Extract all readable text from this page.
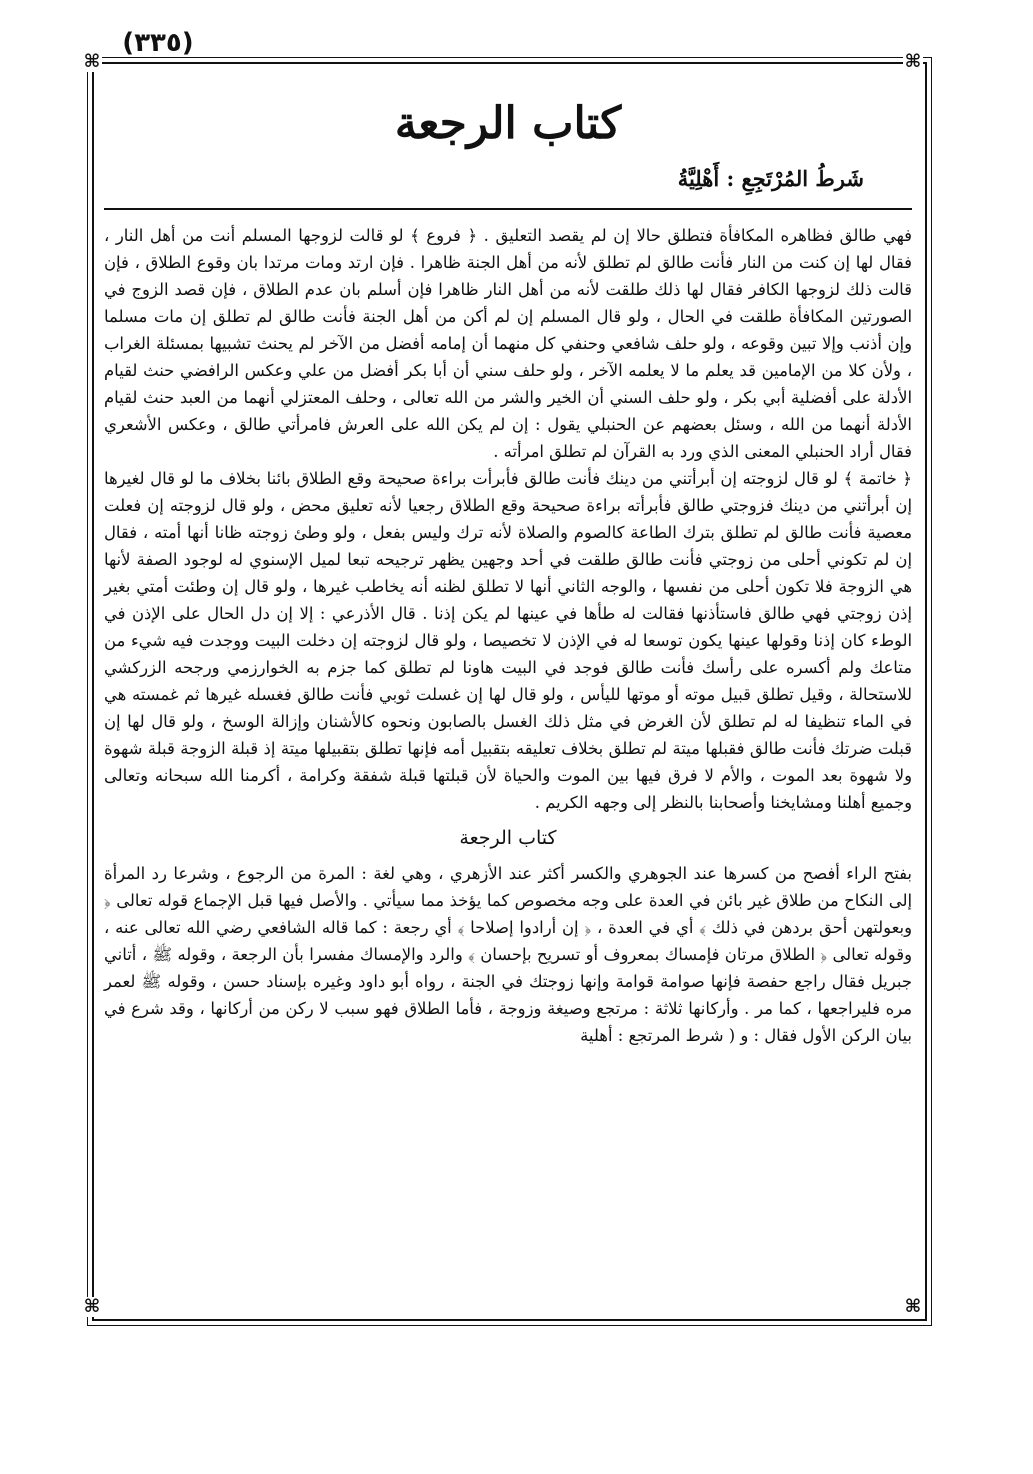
(٣٣٥)
⌘	⌘
⌘	⌘
كتاب الرجعة
شَرطُ المُرْتَجِعِ : أَهْلِيَّةُ

فهي طالق فظاهره المكافأة فتطلق حالا إن لم يقصد التعليق . ﴿ فروع ﴾ لو قالت لزوجها المسلم أنت من أهل النار ، فقال لها إن كنت من النار فأنت طالق لم تطلق لأنه من أهل الجنة ظاهرا . فإن ارتد ومات مرتدا بان وقوع الطلاق ، فإن قالت ذلك لزوجها الكافر فقال لها ذلك طلقت لأنه من أهل النار ظاهرا فإن أسلم بان عدم الطلاق ، فإن قصد الزوج في الصورتين المكافأة طلقت في الحال ، ولو قال المسلم إن لم أكن من أهل الجنة فأنت طالق لم تطلق إن مات مسلما وإن أذنب وإلا تبين وقوعه ، ولو حلف شافعي وحنفي كل منهما أن إمامه أفضل من الآخر لم يحنث تشبيها بمسئلة الغراب ، ولأن كلا من الإمامين قد يعلم ما لا يعلمه الآخر ، ولو حلف سني أن أبا بكر أفضل من علي وعكس الرافضي حنث لقيام الأدلة على أفضلية أبي بكر ، ولو حلف السني أن الخير والشر من الله تعالى ، وحلف المعتزلي أنهما من العبد حنث لقيام الأدلة أنهما من الله ، وسئل بعضهم عن الحنبلي يقول : إن لم يكن الله على العرش فامرأتي طالق ، وعكس الأشعري فقال أراد الحنبلي المعنى الذي ورد به القرآن لم تطلق امرأته .

﴿ خاتمة ﴾ لو قال لزوجته إن أبرأتني من دينك فأنت طالق فأبرأت براءة صحيحة وقع الطلاق بائنا بخلاف ما لو قال لغيرها إن أبرأتني من دينك فزوجتي طالق فأبرأته براءة صحيحة وقع الطلاق رجعيا لأنه تعليق محض ، ولو قال لزوجته إن فعلت معصية فأنت طالق لم تطلق بترك الطاعة كالصوم والصلاة لأنه ترك وليس بفعل ، ولو وطئ زوجته ظانا أنها أمته ، فقال إن لم تكوني أحلى من زوجتي فأنت طالق طلقت في أحد وجهين يظهر ترجيحه تبعا لميل الإسنوي له لوجود الصفة لأنها هي الزوجة فلا تكون أحلى من نفسها ، والوجه الثاني أنها لا تطلق لظنه أنه يخاطب غيرها ، ولو قال إن وطئت أمتي بغير إذن زوجتي فهي طالق فاستأذنها فقالت له طأها في عينها لم يكن إذنا . قال الأذرعي : إلا إن دل الحال على الإذن في الوطء كان إذنا وقولها عينها يكون توسعا له في الإذن لا تخصيصا ، ولو قال لزوجته إن دخلت البيت ووجدت فيه شيء من متاعك ولم أكسره على رأسك فأنت طالق فوجد في البيت هاونا لم تطلق كما جزم به الخوارزمي ورجحه الزركشي للاستحالة ، وقيل تطلق قبيل موته أو موتها لليأس ، ولو قال لها إن غسلت ثوبي فأنت طالق فغسله غيرها ثم غمسته هي في الماء تنظيفا له لم تطلق لأن الغرض في مثل ذلك الغسل بالصابون ونحوه كالأشنان وإزالة الوسخ ، ولو قال لها إن قبلت ضرتك فأنت طالق فقبلها ميتة لم تطلق بخلاف تعليقه بتقبيل أمه فإنها تطلق بتقبيلها ميتة إذ قبلة الزوجة قبلة شهوة ولا شهوة بعد الموت ، والأم لا فرق فيها بين الموت والحياة لأن قبلتها قبلة شفقة وكرامة ، أكرمنا الله سبحانه وتعالى وجميع أهلنا ومشايخنا وأصحابنا بالنظر إلى وجهه الكريم .

كتاب الرجعة

بفتح الراء أفصح من كسرها عند الجوهري والكسر أكثر عند الأزهري ، وهي لغة : المرة من الرجوع ، وشرعا رد المرأة إلى النكاح من طلاق غير بائن في العدة على وجه مخصوص كما يؤخذ مما سيأتي . والأصل فيها قبل الإجماع قوله تعالى ﴿ وبعولتهن أحق بردهن في ذلك ﴾ أي في العدة ، ﴿ إن أرادوا إصلاحا ﴾ أي رجعة : كما قاله الشافعي رضي الله تعالى عنه ، وقوله تعالى ﴿ الطلاق مرتان فإمساك بمعروف أو تسريح بإحسان ﴾ والرد والإمساك مفسرا بأن الرجعة ، وقوله ﷺ ، أتاني جبريل فقال راجع حفصة فإنها صوامة قوامة وإنها زوجتك في الجنة ، رواه أبو داود وغيره بإسناد حسن ، وقوله ﷺ لعمر مره فليراجعها ، كما مر . وأركانها ثلاثة : مرتجع وصيغة وزوجة ، فأما الطلاق فهو سبب لا ركن من أركانها ، وقد شرع في بيان الركن الأول فقال : و ( شرط المرتجع : أهلية
